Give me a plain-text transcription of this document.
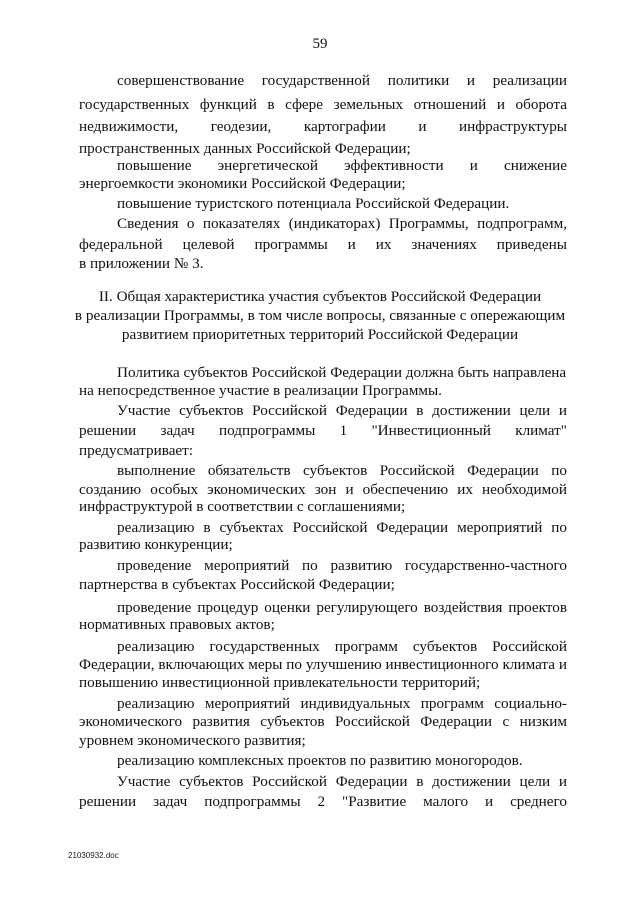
59
совершенствование государственной политики и реализации
государственных функций в сфере земельных отношений и оборота
недвижимости, геодезии, картографии и инфраструктуры
пространственных данных Российской Федерации;
повышение энергетической эффективности и снижение
энергоемкости экономики Российской Федерации;
повышение туристского потенциала Российской Федерации.
Сведения о показателях (индикаторах) Программы, подпрограмм,
федеральной целевой программы и их значениях приведены
в приложении № 3.
II. Общая характеристика участия субъектов Российской Федерации
в реализации Программы, в том числе вопросы, связанные с опережающим
развитием приоритетных территорий Российской Федерации
Политика субъектов Российской Федерации должна быть направлена
на непосредственное участие в реализации Программы.
Участие субъектов Российской Федерации в достижении цели и
решении задач подпрограммы 1 "Инвестиционный климат"
предусматривает:
выполнение обязательств субъектов Российской Федерации по
созданию особых экономических зон и обеспечению их необходимой
инфраструктурой в соответствии с соглашениями;
реализацию в субъектах Российской Федерации мероприятий по
развитию конкуренции;
проведение мероприятий по развитию государственно-частного
партнерства в субъектах Российской Федерации;
проведение процедур оценки регулирующего воздействия проектов
нормативных правовых актов;
реализацию государственных программ субъектов Российской
Федерации, включающих меры по улучшению инвестиционного климата и
повышению инвестиционной привлекательности территорий;
реализацию мероприятий индивидуальных программ социально-
экономического развития субъектов Российской Федерации с низким
уровнем экономического развития;
реализацию комплексных проектов по развитию моногородов.
Участие субъектов Российской Федерации в достижении цели и
решении задач подпрограммы 2 "Развитие малого и среднего
21030932.doc
